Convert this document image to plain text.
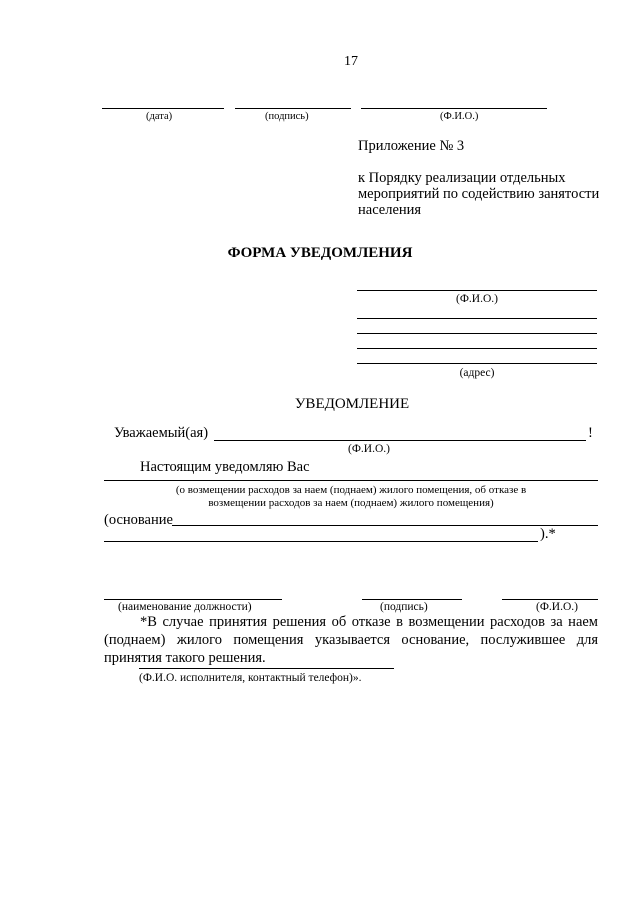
17
(дата)	(подпись)	(Ф.И.О.)
Приложение № 3
к Порядку реализации отдельных
мероприятий по содействию занятости
населения
ФОРМА УВЕДОМЛЕНИЯ
(Ф.И.О.)
(адрес)
УВЕДОМЛЕНИЕ
Уважаемый(ая)	!
(Ф.И.О.)
Настоящим уведомляю Вас
(о возмещении расходов за наем (поднаем) жилого помещения, об отказе в
возмещении расходов за наем (поднаем) жилого помещения)
(основание
).*
(наименование должности)	(подпись)	(Ф.И.О.)
*В случае принятия решения об отказе в возмещении расходов за наем (поднаем) жилого помещения указывается основание, послужившее для принятия такого решения.
(Ф.И.О. исполнителя, контактный телефон)».
